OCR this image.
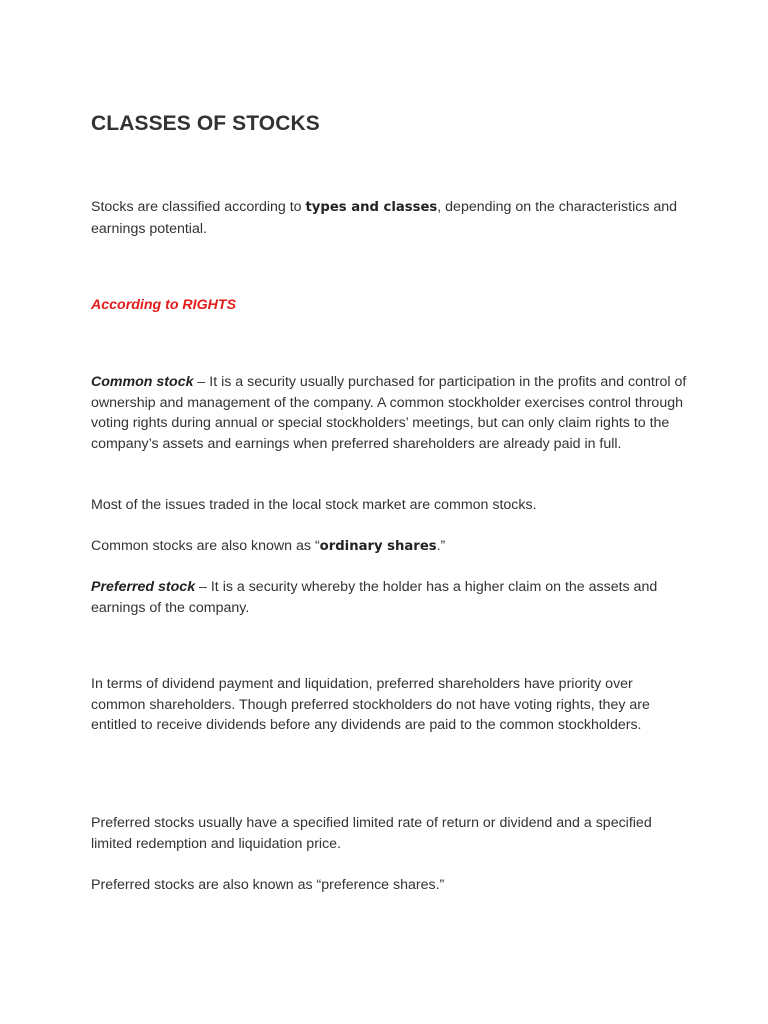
CLASSES OF STOCKS

Stocks are classified according to types and classes, depending on the characteristics and earnings potential.

According to RIGHTS

Common stock – It is a security usually purchased for participation in the profits and control of ownership and management of the company. A common stockholder exercises control through voting rights during annual or special stockholders’ meetings, but can only claim rights to the company’s assets and earnings when preferred shareholders are already paid in full.

Most of the issues traded in the local stock market are common stocks.

Common stocks are also known as “ordinary shares.”

Preferred stock – It is a security whereby the holder has a higher claim on the assets and earnings of the company.

In terms of dividend payment and liquidation, preferred shareholders have priority over common shareholders. Though preferred stockholders do not have voting rights, they are entitled to receive dividends before any dividends are paid to the common stockholders.

Preferred stocks usually have a specified limited rate of return or dividend and a specified limited redemption and liquidation price.

Preferred stocks are also known as “preference shares.”
